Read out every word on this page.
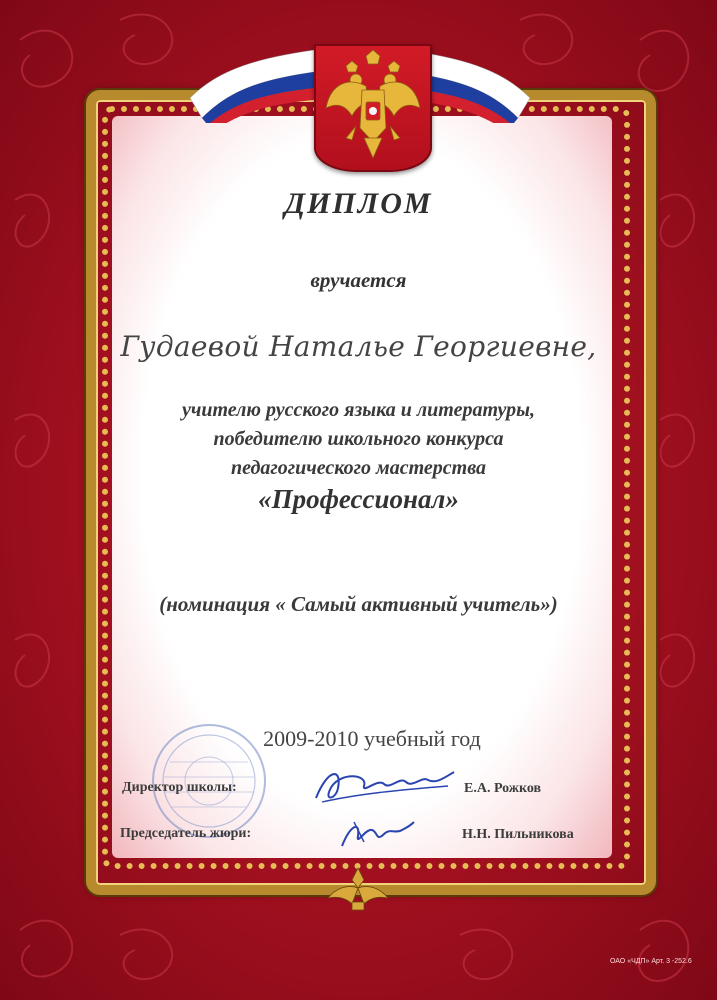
ДИПЛОМ
вручается
Гудаевой Наталье Георгиевне,
учителю русского языка и литературы,
победителю школьного конкурса
педагогического мастерства
«Профессионал»
(номинация « Самый активный учитель»)
2009-2010 учебный год
Директор школы:	Е.А. Рожков
Председатель жюри:	Н.Н. Пильникова
ОАО «ЧДП» Арт. 3 -252.6
